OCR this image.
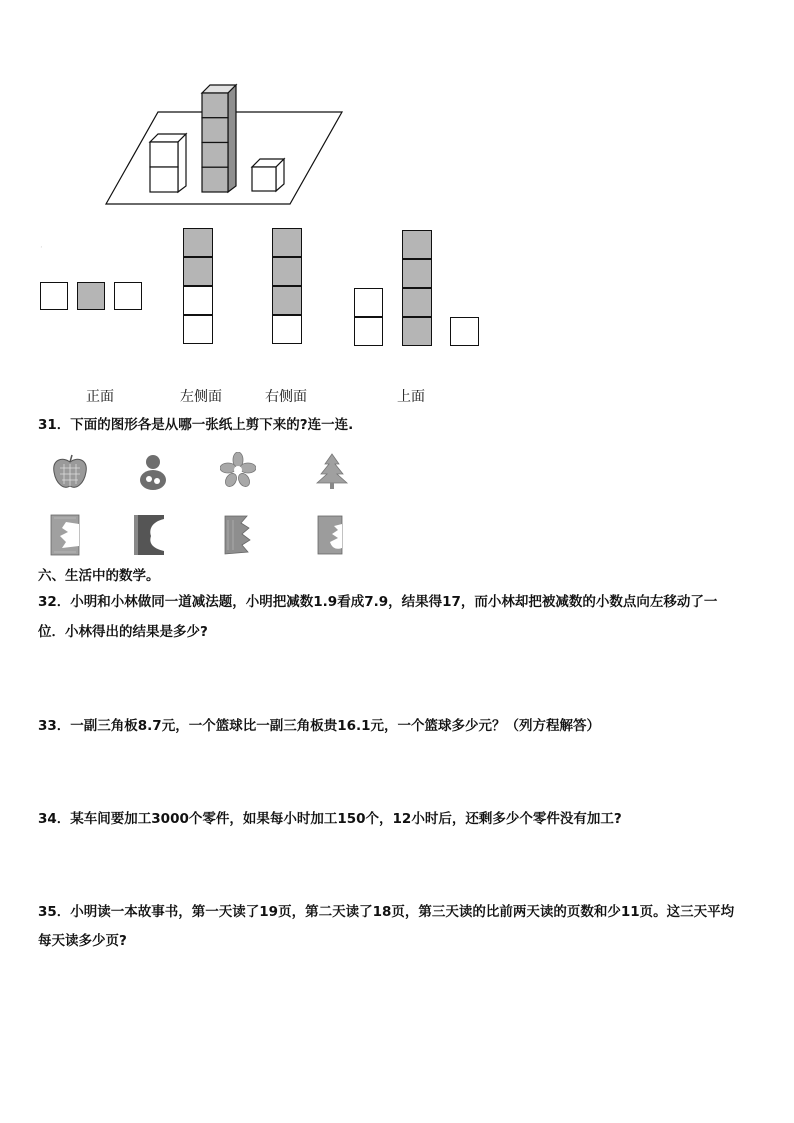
·
正面	左侧面	右侧面	上面
31．下面的图形各是从哪一张纸上剪下来的?连一连.
六、生活中的数学。
32．小明和小林做同一道减法题，小明把减数1.9看成7.9，结果得17，而小林却把被减数的小数点向左移动了一
位．小林得出的结果是多少?
33．一副三角板8.7元，一个篮球比一副三角板贵16.1元，一个篮球多少元？（列方程解答）
34．某车间要加工3000个零件，如果每小时加工150个，12小时后，还剩多少个零件没有加工?
35．小明读一本故事书，第一天读了19页，第二天读了18页，第三天读的比前两天读的页数和少11页。这三天平均
每天读多少页?
